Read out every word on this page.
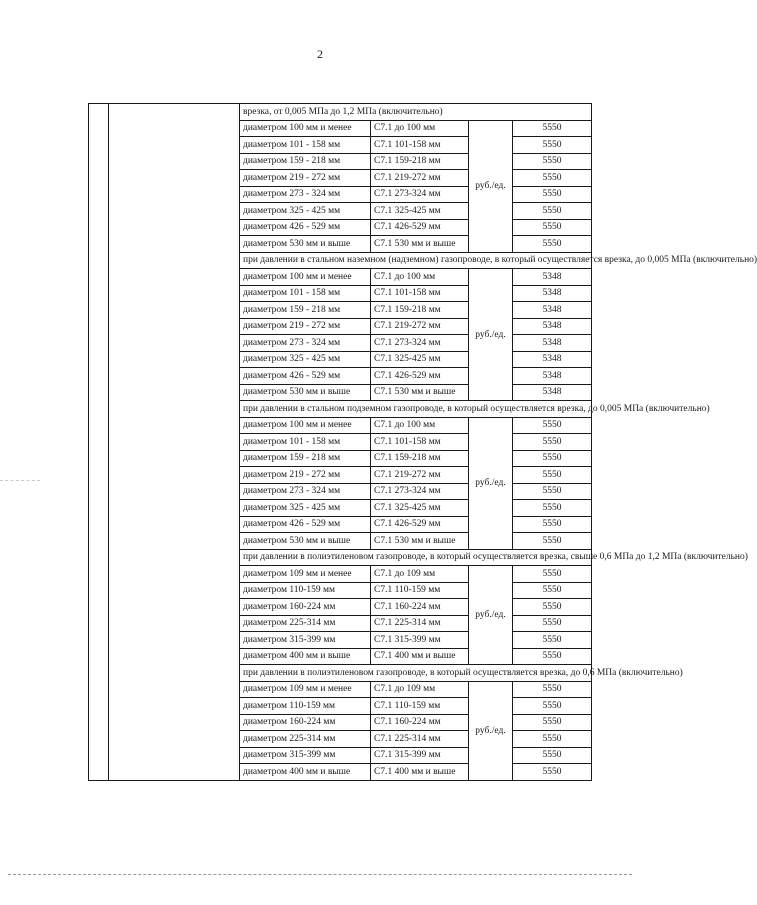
2
		врезка, от 0,005 МПа до 1,2 МПа (включительно)			
		диаметром 100 мм и менее	С7.1 до 100 мм	руб./ед.	5550
		диаметром 101 - 158 мм	С7.1 101-158 мм		5550
		диаметром 159 - 218 мм	С7.1 159-218 мм		5550
		диаметром 219 - 272 мм	С7.1 219-272 мм		5550
		диаметром 273 - 324 мм	С7.1 273-324 мм		5550
		диаметром 325 - 425 мм	С7.1 325-425 мм		5550
		диаметром 426 - 529 мм	С7.1 426-529 мм		5550
		диаметром 530 мм и выше	С7.1 530 мм и выше		5550
		при давлении в стальном наземном (надземном) газопроводе, в который осуществляется врезка, до 0,005 МПа (включительно)			
		диаметром 100 мм и менее	С7.1 до 100 мм	руб./ед.	5348
		диаметром 101 - 158 мм	С7.1 101-158 мм		5348
		диаметром 159 - 218 мм	С7.1 159-218 мм		5348
		диаметром 219 - 272 мм	С7.1 219-272 мм		5348
		диаметром 273 - 324 мм	С7.1 273-324 мм		5348
		диаметром 325 - 425 мм	С7.1 325-425 мм		5348
		диаметром 426 - 529 мм	С7.1 426-529 мм		5348
		диаметром 530 мм и выше	С7.1 530 мм и выше		5348
		при давлении в стальном подземном газопроводе, в который осуществляется врезка, до 0,005 МПа (включительно)			
		диаметром 100 мм и менее	С7.1 до 100 мм	руб./ед.	5550
		диаметром 101 - 158 мм	С7.1 101-158 мм		5550
		диаметром 159 - 218 мм	С7.1 159-218 мм		5550
		диаметром 219 - 272 мм	С7.1 219-272 мм		5550
		диаметром 273 - 324 мм	С7.1 273-324 мм		5550
		диаметром 325 - 425 мм	С7.1 325-425 мм		5550
		диаметром 426 - 529 мм	С7.1 426-529 мм		5550
		диаметром 530 мм и выше	С7.1 530 мм и выше		5550
		при давлении в полиэтиленовом газопроводе, в который осуществляется врезка, свыше 0,6 МПа до 1,2 МПа (включительно)			
		диаметром 109 мм и менее	С7.1 до 109 мм	руб./ед.	5550
		диаметром 110-159 мм	С7.1 110-159 мм		5550
		диаметром 160-224 мм	С7.1 160-224 мм		5550
		диаметром 225-314 мм	С7.1 225-314 мм		5550
		диаметром 315-399 мм	С7.1 315-399 мм		5550
		диаметром 400 мм и выше	С7.1 400 мм и выше		5550
		при давлении в полиэтиленовом газопроводе, в который осуществляется врезка, до 0,6 МПа (включительно)			
		диаметром 109 мм и менее	С7.1 до 109 мм	руб./ед.	5550
		диаметром 110-159 мм	С7.1 110-159 мм		5550
		диаметром 160-224 мм	С7.1 160-224 мм		5550
		диаметром 225-314 мм	С7.1 225-314 мм		5550
		диаметром 315-399 мм	С7.1 315-399 мм		5550
		диаметром 400 мм и выше	С7.1 400 мм и выше		5550
